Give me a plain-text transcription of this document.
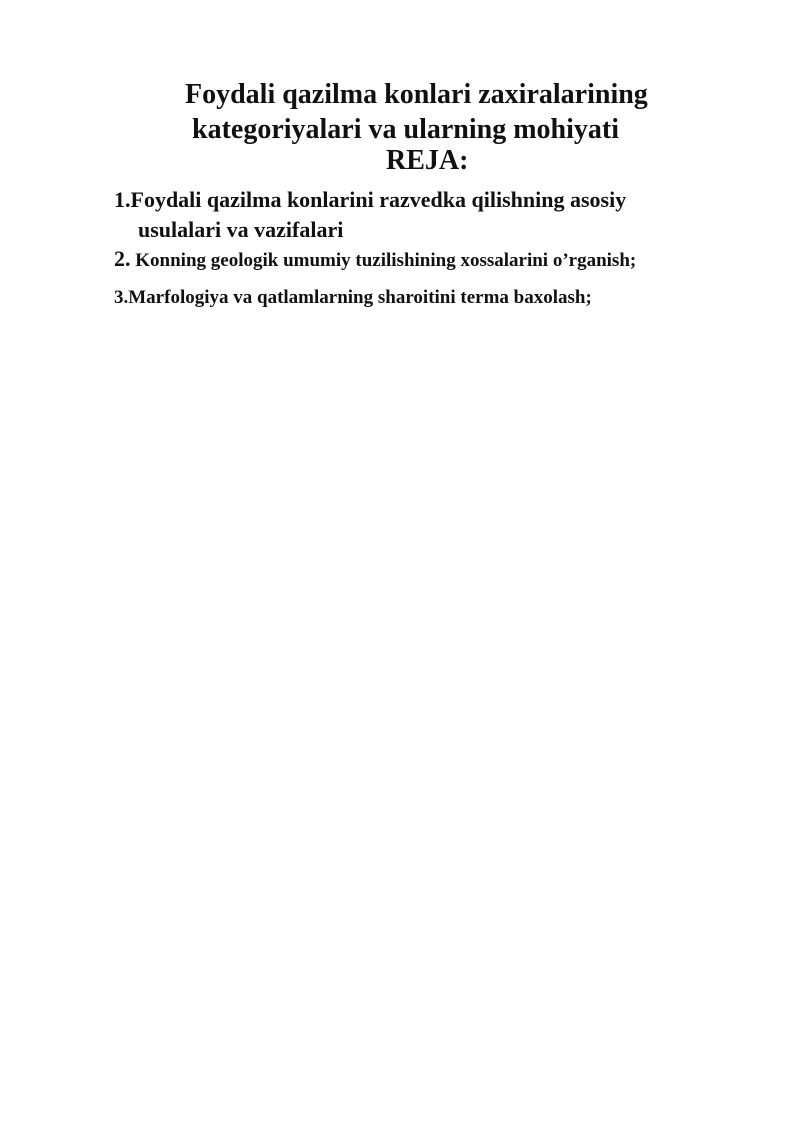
Foydali qazilma konlari zaxiralarining
kategoriyalari va ularning mohiyati
REJA:
1.Foydali qazilma konlarini razvedka qilishning asosiy
usulalari va vazifalari
2. Konning geologik umumiy tuzilishining xossalarini o’rganish;
3.Marfologiya va qatlamlarning sharoitini terma baxolash;
